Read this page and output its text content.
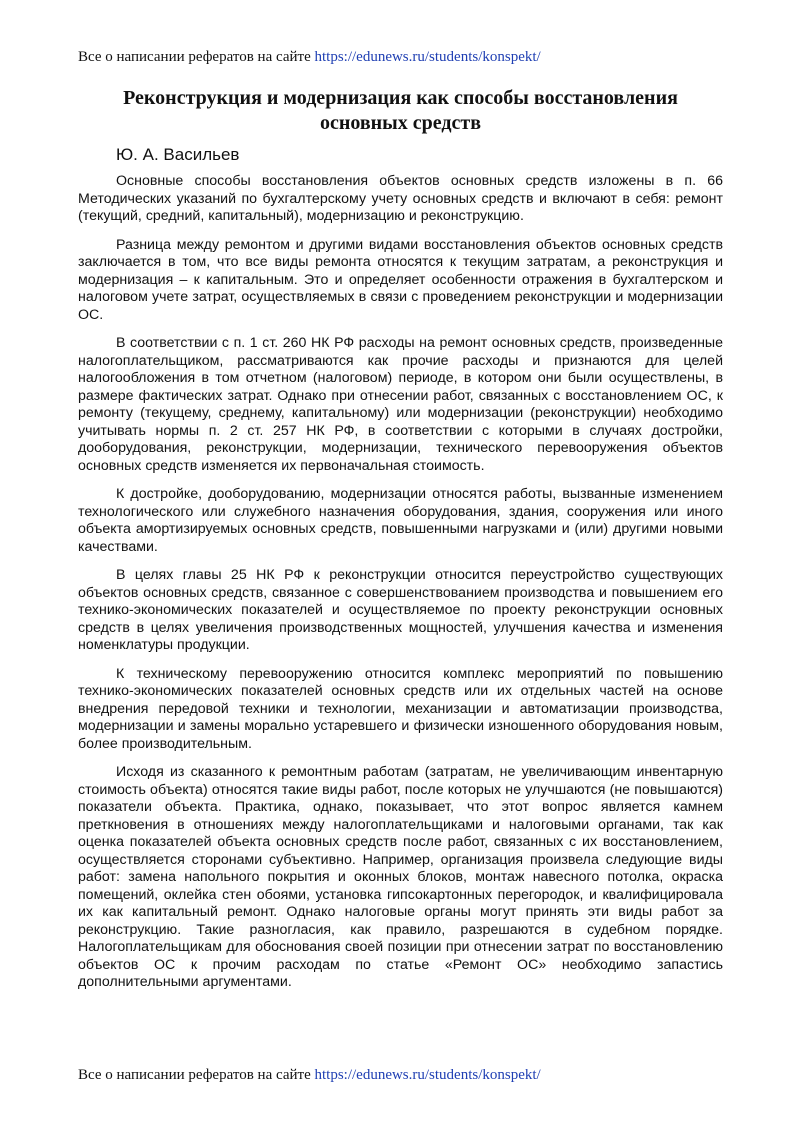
Все о написании рефератов на сайте https://edunews.ru/students/konspekt/
Реконструкция и модернизация как способы восстановления основных средств
Ю. А. Васильев

Основные способы восстановления объектов основных средств изложены в п. 66 Методических указаний по бухгалтерскому учету основных средств и включают в себя: ремонт (текущий, средний, капитальный), модернизацию и реконструкцию.

Разница между ремонтом и другими видами восстановления объектов основных средств заключается в том, что все виды ремонта относятся к текущим затратам, а реконструкция и модернизация – к капитальным. Это и определяет особенности отражения в бухгалтерском и налоговом учете затрат, осуществляемых в связи с проведением реконструкции и модернизации ОС.

В соответствии с п. 1 ст. 260 НК РФ расходы на ремонт основных средств, произведенные налогоплательщиком, рассматриваются как прочие расходы и признаются для целей налогообложения в том отчетном (налоговом) периоде, в котором они были осуществлены, в размере фактических затрат. Однако при отнесении работ, связанных с восстановлением ОС, к ремонту (текущему, среднему, капитальному) или модернизации (реконструкции) необходимо учитывать нормы п. 2 ст. 257 НК РФ, в соответствии с которыми в случаях достройки, дооборудования, реконструкции, модернизации, технического перевооружения объектов основных средств изменяется их первоначальная стоимость.

К достройке, дооборудованию, модернизации относятся работы, вызванные изменением технологического или служебного назначения оборудования, здания, сооружения или иного объекта амортизируемых основных средств, повышенными нагрузками и (или) другими новыми качествами.

В целях главы 25 НК РФ к реконструкции относится переустройство существующих объектов основных средств, связанное с совершенствованием производства и повышением его технико-экономических показателей и осуществляемое по проекту реконструкции основных средств в целях увеличения производственных мощностей, улучшения качества и изменения номенклатуры продукции.

К техническому перевооружению относится комплекс мероприятий по повышению технико-экономических показателей основных средств или их отдельных частей на основе внедрения передовой техники и технологии, механизации и автоматизации производства, модернизации и замены морально устаревшего и физически изношенного оборудования новым, более производительным.

Исходя из сказанного к ремонтным работам (затратам, не увеличивающим инвентарную стоимость объекта) относятся такие виды работ, после которых не улучшаются (не повышаются) показатели объекта. Практика, однако, показывает, что этот вопрос является камнем преткновения в отношениях между налогоплательщиками и налоговыми органами, так как оценка показателей объекта основных средств после работ, связанных с их восстановлением, осуществляется сторонами субъективно. Например, организация произвела следующие виды работ: замена напольного покрытия и оконных блоков, монтаж навесного потолка, окраска помещений, оклейка стен обоями, установка гипсокартонных перегородок, и квалифицировала их как капитальный ремонт. Однако налоговые органы могут принять эти виды работ за реконструкцию. Такие разногласия, как правило, разрешаются в судебном порядке. Налогоплательщикам для обоснования своей позиции при отнесении затрат по восстановлению объектов ОС к прочим расходам по статье «Ремонт ОС» необходимо запастись дополнительными аргументами.

Все о написании рефератов на сайте https://edunews.ru/students/konspekt/
